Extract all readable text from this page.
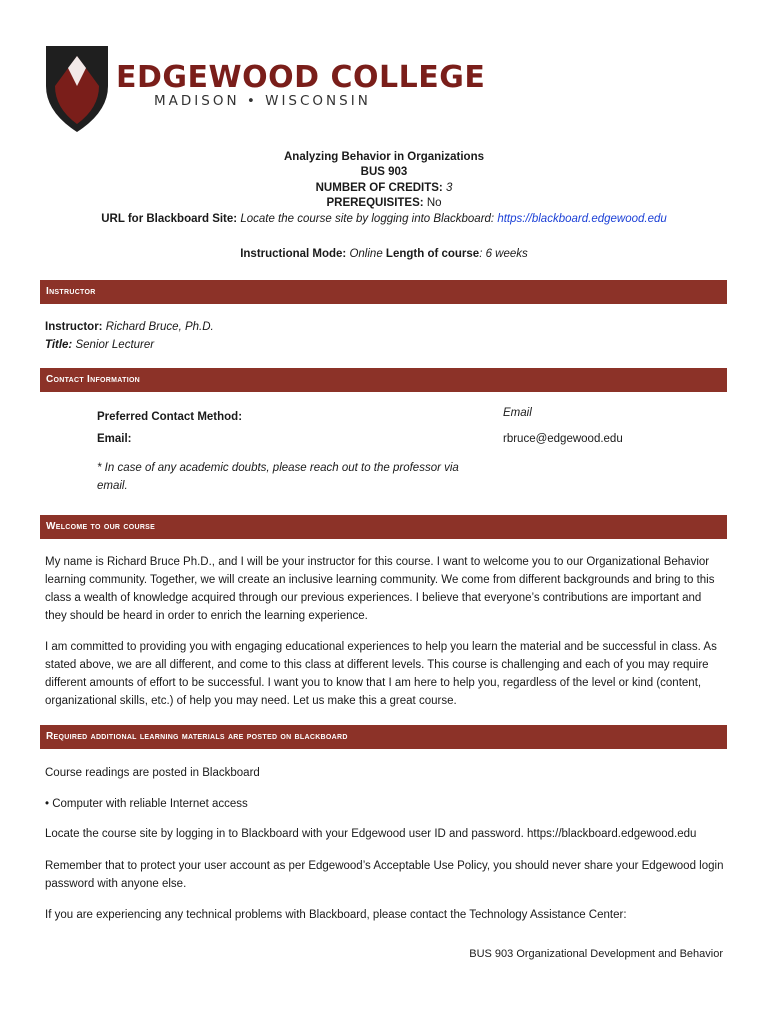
EDGEWOOD COLLEGE
MADISON • WISCONSIN
Analyzing Behavior in Organizations
BUS 903
NUMBER OF CREDITS: 3
PREREQUISITES: No
URL for Blackboard Site: Locate the course site by logging into Blackboard: https://blackboard.edgewood.edu
Instructional Mode: Online Length of course: 6 weeks
Instructor
Instructor: Richard Bruce, Ph.D.
Title: Senior Lecturer
Contact Information
Preferred Contact Method:	Email
Email:	rbruce@edgewood.edu
* In case of any academic doubts, please reach out to the professor via
email.
Welcome to our course
My name is Richard Bruce Ph.D., and I will be your instructor for this course. I want to welcome you to our Organizational Behavior learning community. Together, we will create an inclusive learning community. We come from different backgrounds and bring to this class a wealth of knowledge acquired through our previous experiences. I believe that everyone’s contributions are important and they should be heard in order to enrich the learning experience.
I am committed to providing you with engaging educational experiences to help you learn the material and be successful in class. As stated above, we are all different, and come to this class at different levels. This course is challenging and each of you may require different amounts of effort to be successful. I want you to know that I am here to help you, regardless of the level or kind (content, organizational skills, etc.) of help you may need. Let us make this a great course.
Required additional learning materials are posted on blackboard
Course readings are posted in Blackboard
• Computer with reliable Internet access
Locate the course site by logging in to Blackboard with your Edgewood user ID and password. https://blackboard.edgewood.edu
Remember that to protect your user account as per Edgewood’s Acceptable Use Policy, you should never share your Edgewood login password with anyone else.
If you are experiencing any technical problems with Blackboard, please contact the Technology Assistance Center:
BUS 903 Organizational Development and Behavior
